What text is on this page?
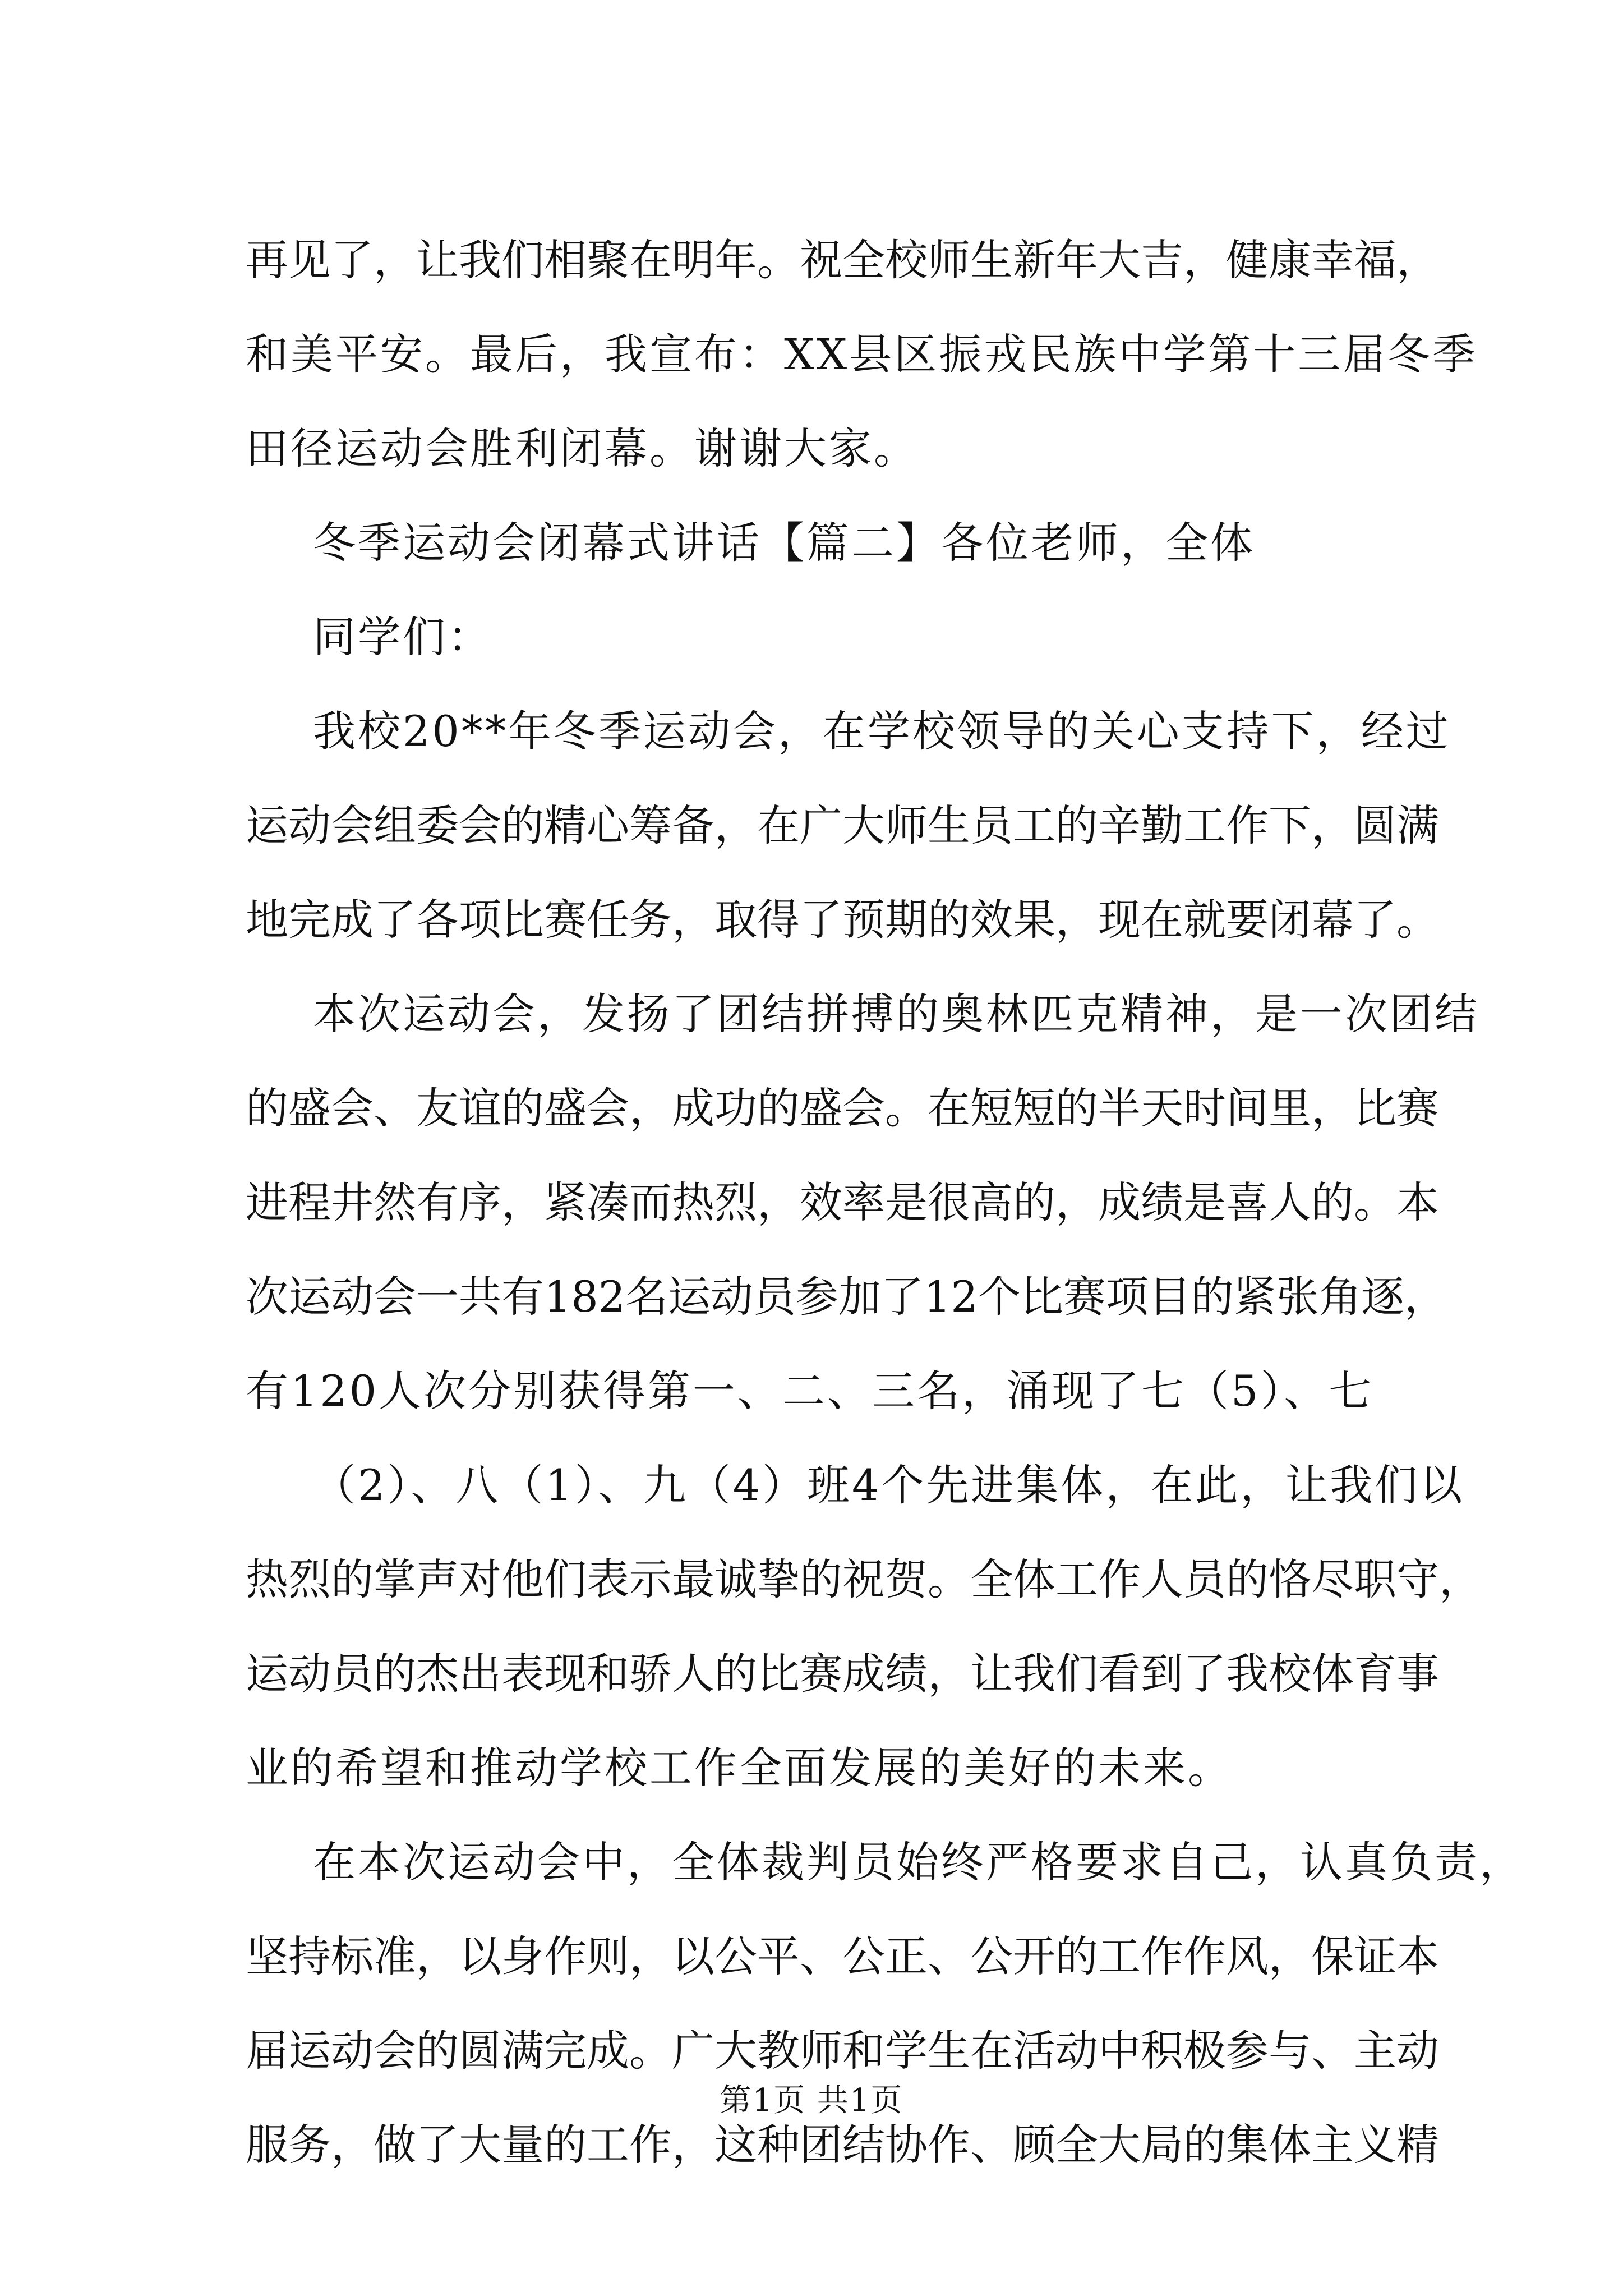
再见了，让我们相聚在明年。祝全校师生新年大吉，健康幸福，
和美平安。最后，我宣布：XX县区振戎民族中学第十三届冬季
田径运动会胜利闭幕。谢谢大家。
冬季运动会闭幕式讲话【篇二】各位老师，全体
同学们：
我校20**年冬季运动会，在学校领导的关心支持下，经过
运动会组委会的精心筹备，在广大师生员工的辛勤工作下，圆满
地完成了各项比赛任务，取得了预期的效果，现在就要闭幕了。
本次运动会，发扬了团结拼搏的奥林匹克精神，是一次团结
的盛会、友谊的盛会，成功的盛会。在短短的半天时间里，比赛
进程井然有序，紧凑而热烈，效率是很高的，成绩是喜人的。本
次运动会一共有182名运动员参加了12个比赛项目的紧张角逐，
有120人次分别获得第一、二、三名，涌现了七（5）、七
（2）、八（1）、九（4）班4个先进集体，在此，让我们以
热烈的掌声对他们表示最诚挚的祝贺。全体工作人员的恪尽职守，
运动员的杰出表现和骄人的比赛成绩，让我们看到了我校体育事
业的希望和推动学校工作全面发展的美好的未来。
在本次运动会中，全体裁判员始终严格要求自己，认真负责，
坚持标准，以身作则，以公平、公正、公开的工作作风，保证本
届运动会的圆满完成。广大教师和学生在活动中积极参与、主动
服务，做了大量的工作，这种团结协作、顾全大局的集体主义精
第1页 共1页
